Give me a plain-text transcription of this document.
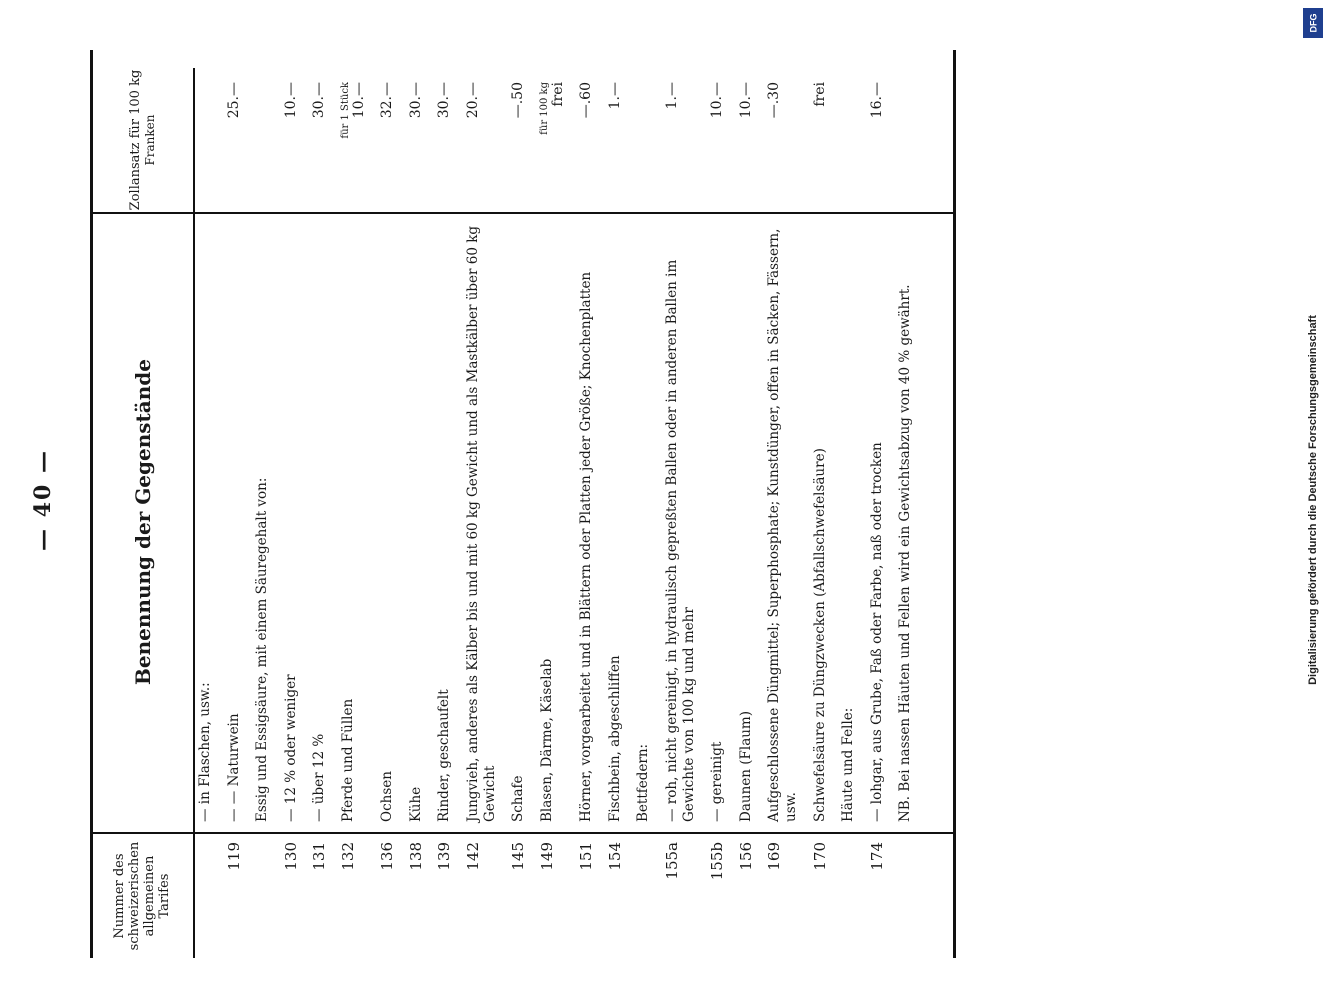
— 40 —
Nummer des schweizerischen allgemeinen Tarifes
Benennung der Gegenstände
Zollansatz für 100 kg Franken
— in Flaschen, usw.:
119
— — Naturwein
25.—
Essig und Essigsäure, mit einem Säuregehalt von:
130
— 12 % oder weniger
10.—
131
— über 12 %
30.—
132
Pferde und Füllen
für 1 Stück 10.—
136
Ochsen
32.—
138
Kühe
30.—
139
Rinder, geschaufelt
30.—
142
Jungvieh, anderes als Kälber bis und mit 60 kg Gewicht und als Mastkälber über 60 kg Gewicht
20.—
145
Schafe
—.50
149
Blasen, Därme, Käselab
für 100 kg frei
151
Hörner, vorgearbeitet und in Blättern oder Platten jeder Größe; Knochenplatten
—.60
154
Fischbein, abgeschliffen
1.—
Bettfedern:
155a
— roh, nicht gereinigt, in hydraulisch gepreßten Ballen oder in anderen Ballen im Gewichte von 100 kg und mehr
1.—
155b
— gereinigt
10.—
156
Daunen (Flaum)
10.—
169
Aufgeschlossene Düngmittel; Superphosphate; Kunstdünger, offen in Säcken, Fässern, usw.
—.30
170
Schwefelsäure zu Düngzwecken (Abfallschwefelsäure)
frei
Häute und Felle:
174
— lohgar, aus Grube, Faß oder Farbe, naß oder trocken
16.—
NB. Bei nassen Häuten und Fellen wird ein Gewichtsabzug von 40 % gewährt.	Digitalisierung gefördert durch die Deutsche Forschungsgemeinschaft
DFG
